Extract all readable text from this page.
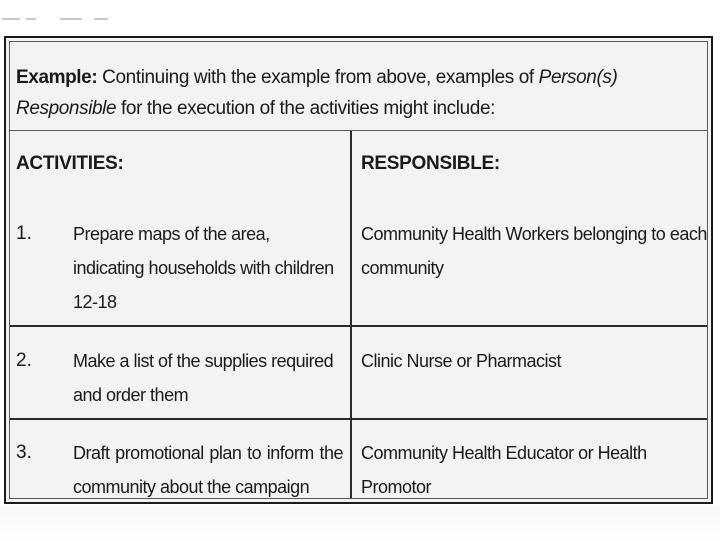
Example: Continuing with the example from above, examples of Person(s) Responsible for the execution of the activities might include:
ACTIVITIES:
1. Prepare maps of the area, indicating households with children 12-18
RESPONSIBLE:
Community Health Workers belonging to each community
2. Make a list of the supplies required and order them
Clinic Nurse or Pharmacist
3. Draft promotional plan to inform the community about the campaign
Community Health Educator or Health Promotor
